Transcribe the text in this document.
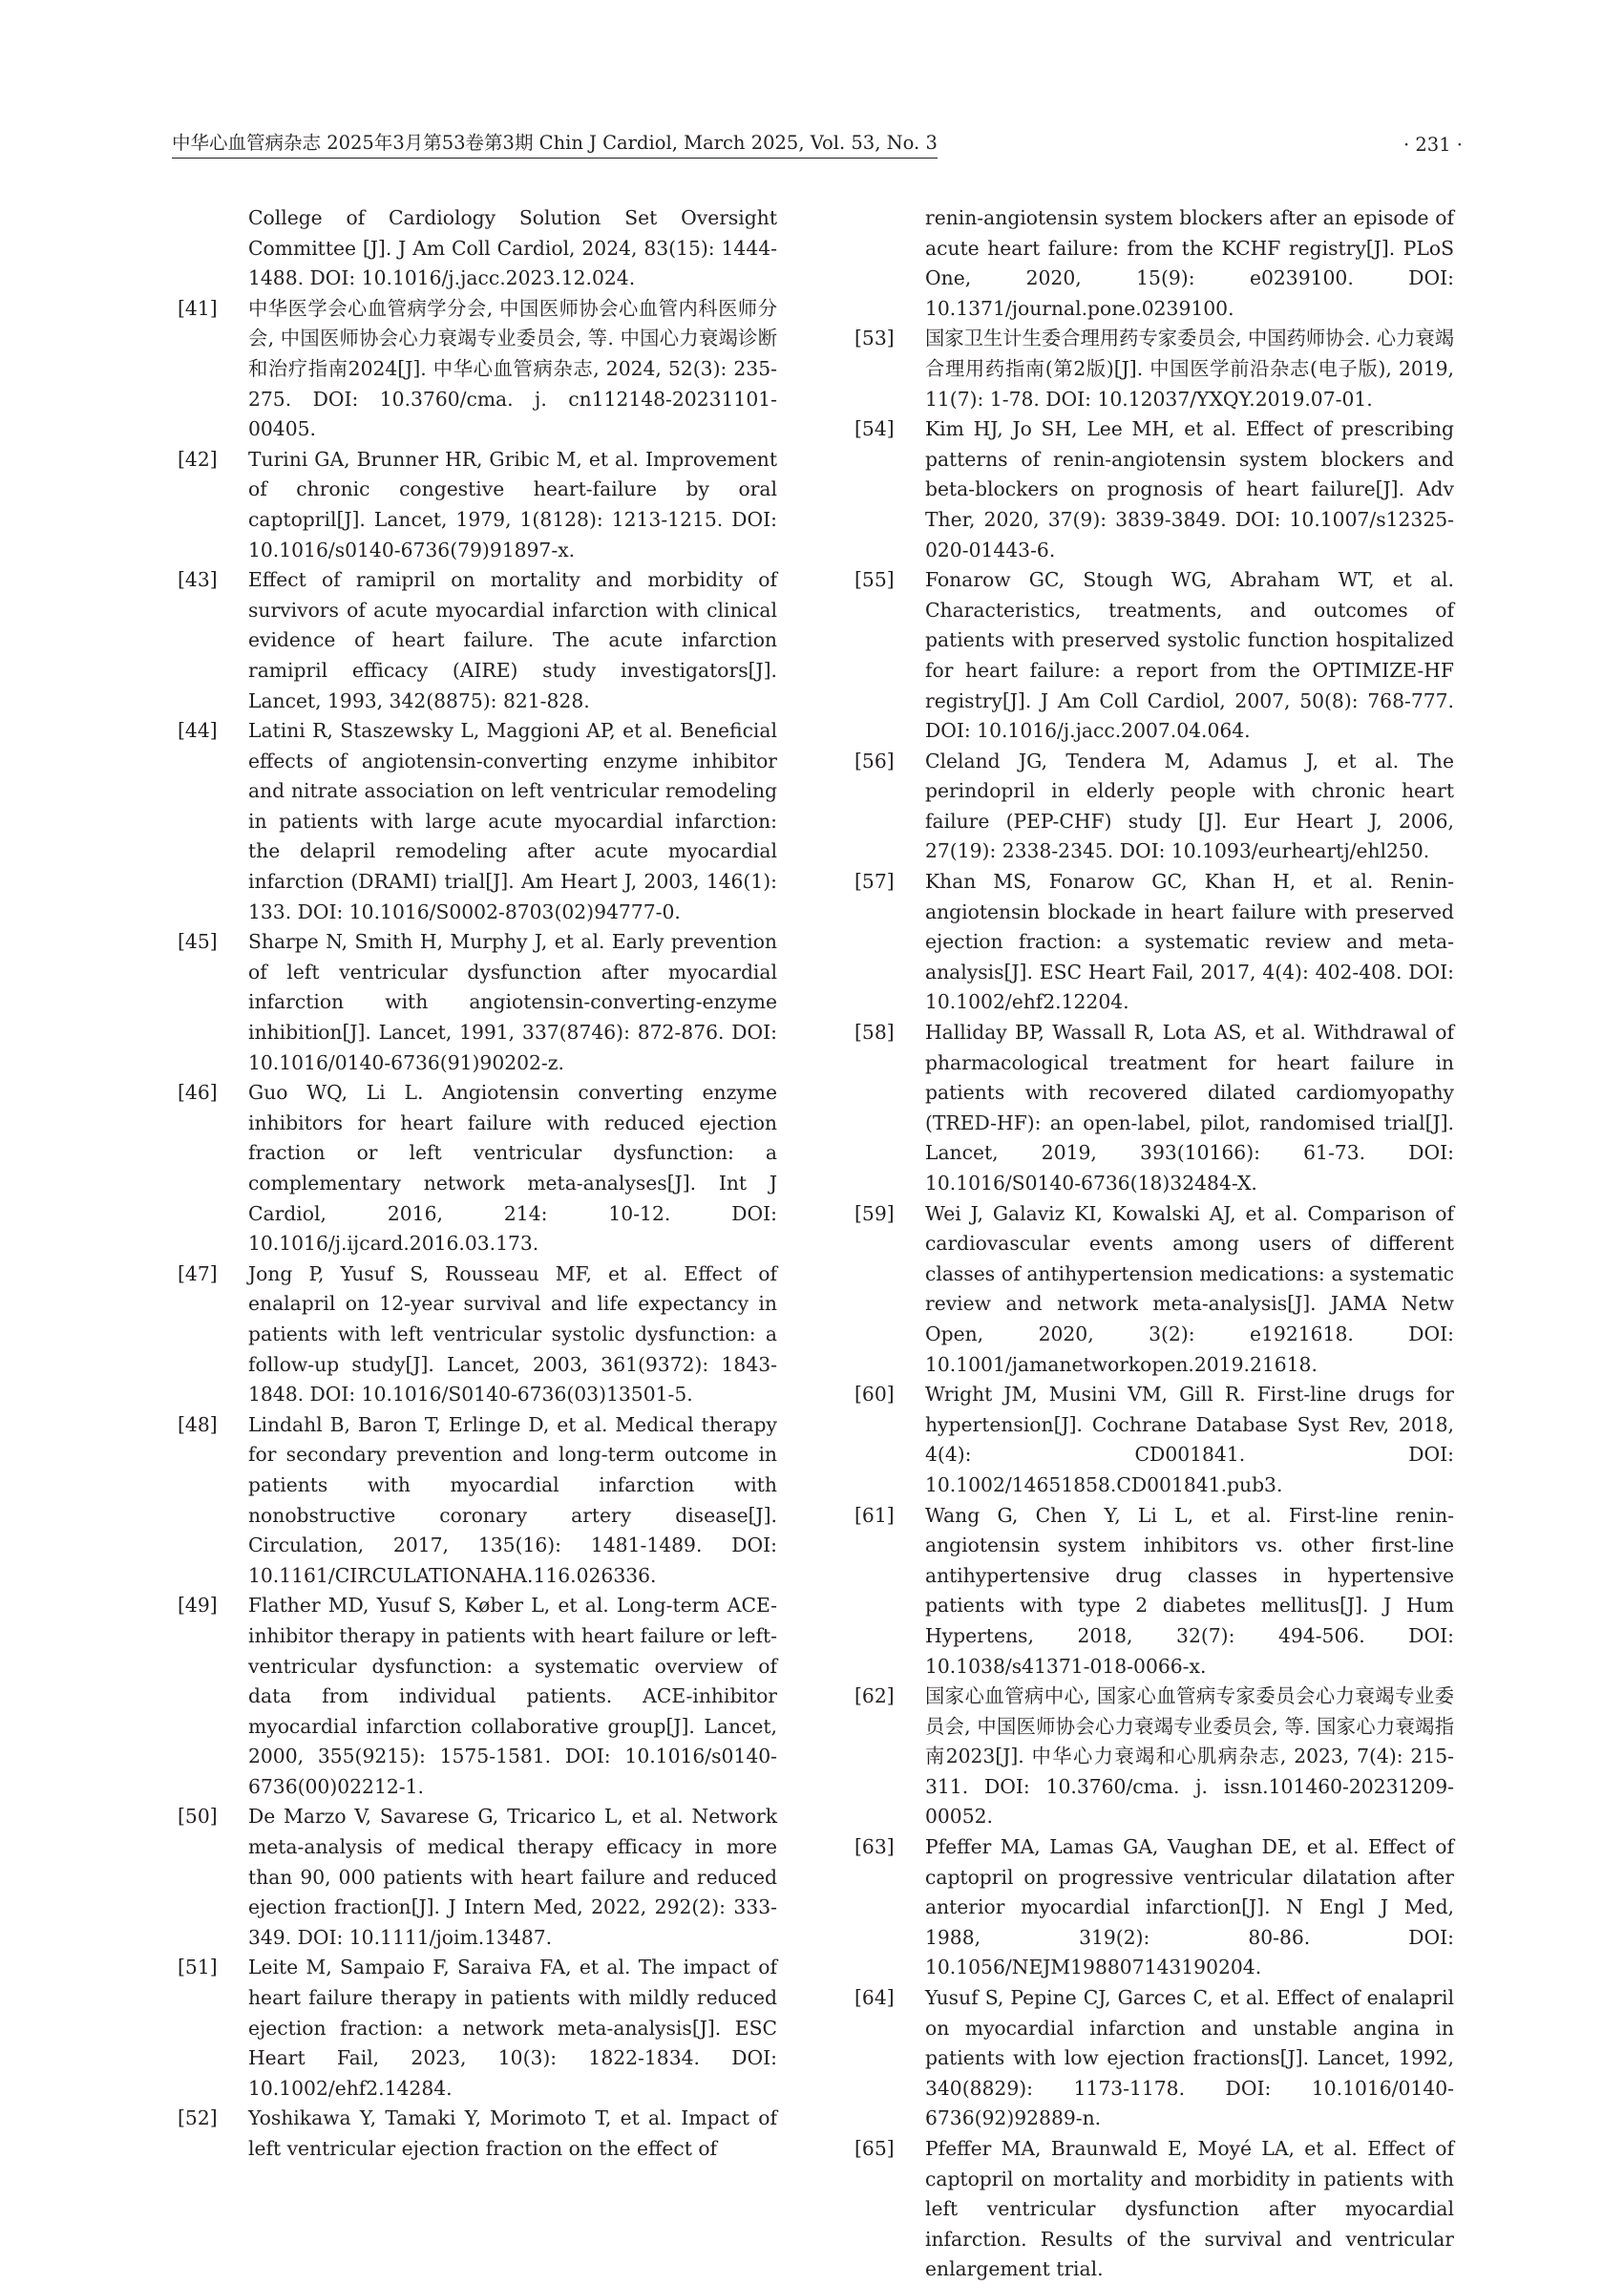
中华心血管病杂志 2025年3月第53卷第3期 Chin J Cardiol, March 2025, Vol. 53, No. 3	· 231 ·
College of Cardiology Solution Set Oversight Committee [J]. J Am Coll Cardiol, 2024, 83(15): 1444-1488. DOI: 10.1016/j.jacc.2023.12.024.
[41] 中华医学会心血管病学分会, 中国医师协会心血管内科医师分会, 中国医师协会心力衰竭专业委员会, 等. 中国心力衰竭诊断和治疗指南2024[J]. 中华心血管病杂志, 2024, 52(3): 235-275. DOI: 10.3760/cma. j. cn112148-20231101-00405.
[42] Turini GA, Brunner HR, Gribic M, et al. Improvement of chronic congestive heart-failure by oral captopril[J]. Lancet, 1979, 1(8128): 1213-1215. DOI: 10.1016/s0140-6736(79)91897-x.
[43] Effect of ramipril on mortality and morbidity of survivors of acute myocardial infarction with clinical evidence of heart failure. The acute infarction ramipril efficacy (AIRE) study investigators[J]. Lancet, 1993, 342(8875): 821-828.
[44] Latini R, Staszewsky L, Maggioni AP, et al. Beneficial effects of angiotensin-converting enzyme inhibitor and nitrate association on left ventricular remodeling in patients with large acute myocardial infarction: the delapril remodeling after acute myocardial infarction (DRAMI) trial[J]. Am Heart J, 2003, 146(1): 133. DOI: 10.1016/S0002-8703(02)94777-0.
[45] Sharpe N, Smith H, Murphy J, et al. Early prevention of left ventricular dysfunction after myocardial infarction with angiotensin-converting-enzyme inhibition[J]. Lancet, 1991, 337(8746): 872-876. DOI: 10.1016/0140-6736(91)90202-z.
[46] Guo WQ, Li L. Angiotensin converting enzyme inhibitors for heart failure with reduced ejection fraction or left ventricular dysfunction: a complementary network meta-analyses[J]. Int J Cardiol, 2016, 214: 10-12. DOI: 10.1016/j.ijcard.2016.03.173.
[47] Jong P, Yusuf S, Rousseau MF, et al. Effect of enalapril on 12-year survival and life expectancy in patients with left ventricular systolic dysfunction: a follow-up study[J]. Lancet, 2003, 361(9372): 1843-1848. DOI: 10.1016/S0140-6736(03)13501-5.
[48] Lindahl B, Baron T, Erlinge D, et al. Medical therapy for secondary prevention and long-term outcome in patients with myocardial infarction with nonobstructive coronary artery disease[J]. Circulation, 2017, 135(16): 1481-1489. DOI: 10.1161/CIRCULATIONAHA.116.026336.
[49] Flather MD, Yusuf S, Køber L, et al. Long-term ACE-inhibitor therapy in patients with heart failure or left-ventricular dysfunction: a systematic overview of data from individual patients. ACE-inhibitor myocardial infarction collaborative group[J]. Lancet, 2000, 355(9215): 1575-1581. DOI: 10.1016/s0140-6736(00)02212-1.
[50] De Marzo V, Savarese G, Tricarico L, et al. Network meta-analysis of medical therapy efficacy in more than 90, 000 patients with heart failure and reduced ejection fraction[J]. J Intern Med, 2022, 292(2): 333-349. DOI: 10.1111/joim.13487.
[51] Leite M, Sampaio F, Saraiva FA, et al. The impact of heart failure therapy in patients with mildly reduced ejection fraction: a network meta-analysis[J]. ESC Heart Fail, 2023, 10(3): 1822-1834. DOI: 10.1002/ehf2.14284.
[52] Yoshikawa Y, Tamaki Y, Morimoto T, et al. Impact of left ventricular ejection fraction on the effect of
renin-angiotensin system blockers after an episode of acute heart failure: from the KCHF registry[J]. PLoS One, 2020, 15(9): e0239100. DOI: 10.1371/journal.pone.0239100.
[53] 国家卫生计生委合理用药专家委员会, 中国药师协会. 心力衰竭合理用药指南(第2版)[J]. 中国医学前沿杂志(电子版), 2019, 11(7): 1-78. DOI: 10.12037/YXQY.2019.07-01.
[54] Kim HJ, Jo SH, Lee MH, et al. Effect of prescribing patterns of renin-angiotensin system blockers and beta-blockers on prognosis of heart failure[J]. Adv Ther, 2020, 37(9): 3839-3849. DOI: 10.1007/s12325-020-01443-6.
[55] Fonarow GC, Stough WG, Abraham WT, et al. Characteristics, treatments, and outcomes of patients with preserved systolic function hospitalized for heart failure: a report from the OPTIMIZE-HF registry[J]. J Am Coll Cardiol, 2007, 50(8): 768-777. DOI: 10.1016/j.jacc.2007.04.064.
[56] Cleland JG, Tendera M, Adamus J, et al. The perindopril in elderly people with chronic heart failure (PEP-CHF) study [J]. Eur Heart J, 2006, 27(19): 2338-2345. DOI: 10.1093/eurheartj/ehl250.
[57] Khan MS, Fonarow GC, Khan H, et al. Renin-angiotensin blockade in heart failure with preserved ejection fraction: a systematic review and meta-analysis[J]. ESC Heart Fail, 2017, 4(4): 402-408. DOI: 10.1002/ehf2.12204.
[58] Halliday BP, Wassall R, Lota AS, et al. Withdrawal of pharmacological treatment for heart failure in patients with recovered dilated cardiomyopathy (TRED-HF): an open-label, pilot, randomised trial[J]. Lancet, 2019, 393(10166): 61-73. DOI: 10.1016/S0140-6736(18)32484-X.
[59] Wei J, Galaviz KI, Kowalski AJ, et al. Comparison of cardiovascular events among users of different classes of antihypertension medications: a systematic review and network meta-analysis[J]. JAMA Netw Open, 2020, 3(2): e1921618. DOI: 10.1001/jamanetworkopen.2019.21618.
[60] Wright JM, Musini VM, Gill R. First-line drugs for hypertension[J]. Cochrane Database Syst Rev, 2018, 4(4): CD001841. DOI: 10.1002/14651858.CD001841.pub3.
[61] Wang G, Chen Y, Li L, et al. First-line renin-angiotensin system inhibitors vs. other first-line antihypertensive drug classes in hypertensive patients with type 2 diabetes mellitus[J]. J Hum Hypertens, 2018, 32(7): 494-506. DOI: 10.1038/s41371-018-0066-x.
[62] 国家心血管病中心, 国家心血管病专家委员会心力衰竭专业委员会, 中国医师协会心力衰竭专业委员会, 等. 国家心力衰竭指南2023[J]. 中华心力衰竭和心肌病杂志, 2023, 7(4): 215-311. DOI: 10.3760/cma. j. issn.101460-20231209-00052.
[63] Pfeffer MA, Lamas GA, Vaughan DE, et al. Effect of captopril on progressive ventricular dilatation after anterior myocardial infarction[J]. N Engl J Med, 1988, 319(2): 80-86. DOI: 10.1056/NEJM198807143190204.
[64] Yusuf S, Pepine CJ, Garces C, et al. Effect of enalapril on myocardial infarction and unstable angina in patients with low ejection fractions[J]. Lancet, 1992, 340(8829): 1173-1178. DOI: 10.1016/0140-6736(92)92889-n.
[65] Pfeffer MA, Braunwald E, Moyé LA, et al. Effect of captopril on mortality and morbidity in patients with left ventricular dysfunction after myocardial infarction. Results of the survival and ventricular enlargement trial.
